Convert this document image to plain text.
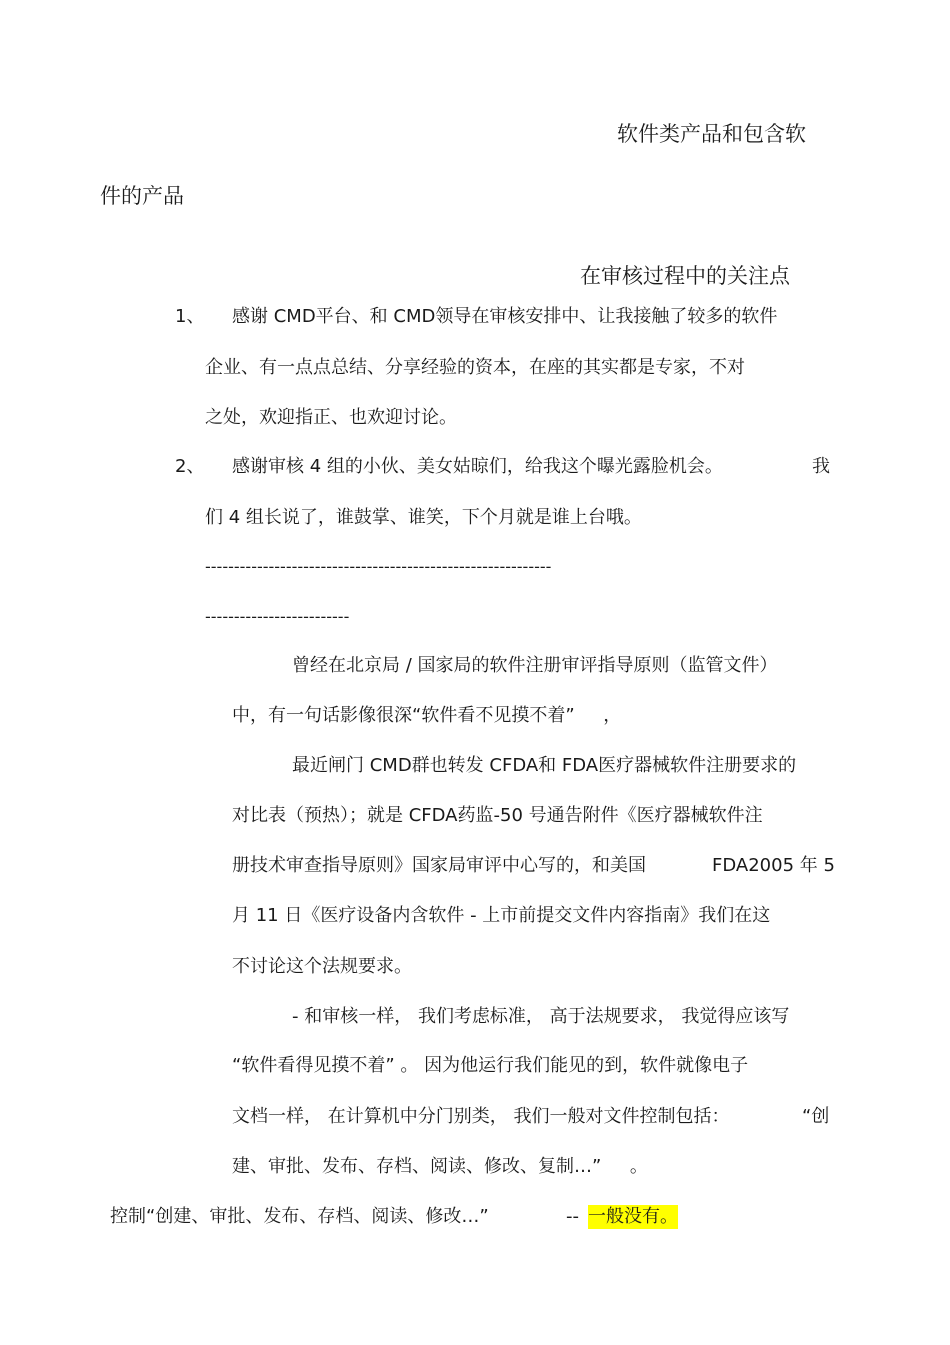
软件类产品和包含软
件的产品
在审核过程中的关注点
1、 感谢 CMD平台、和 CMD领导在审核安排中、让我接触了较多的软件
企业、有一点点总结、分享经验的资本，在座的其实都是专家，不对
之处，欢迎指正、也欢迎讨论。
2、 感谢审核 4 组的小伙、美女姑晾们，给我这个曝光露脸机会。	我
们 4 组长说了，谁鼓掌、谁笑，下个月就是谁上台哦。
------------------------------------------------------------
-------------------------
曾经在北京局 / 国家局的软件注册审评指导原则（监管文件）
中，有一句话影像很深“软件看不见摸不着”     ，
最近闸门 CMD群也转发 CFDA和 FDA医疗器械软件注册要求的
对比表（预热）；就是 CFDA药监-50 号通告附件《医疗器械软件注
册技术审查指导原则》国家局审评中心写的，和美国	FDA2005 年 5
月 11 日《医疗设备内含软件 - 上市前提交文件内容指南》我们在这
不讨论这个法规要求。
- 和审核一样， 我们考虑标准， 高于法规要求， 我觉得应该写
“软件看得见摸不着” 。 因为他运行我们能见的到，软件就像电子
文档一样， 在计算机中分门别类， 我们一般对文件控制包括：	“创
建、审批、发布、存档、阅读、修改、复制…”     。
控制“创建、审批、发布、存档、阅读、修改…”	-- 一般没有。
